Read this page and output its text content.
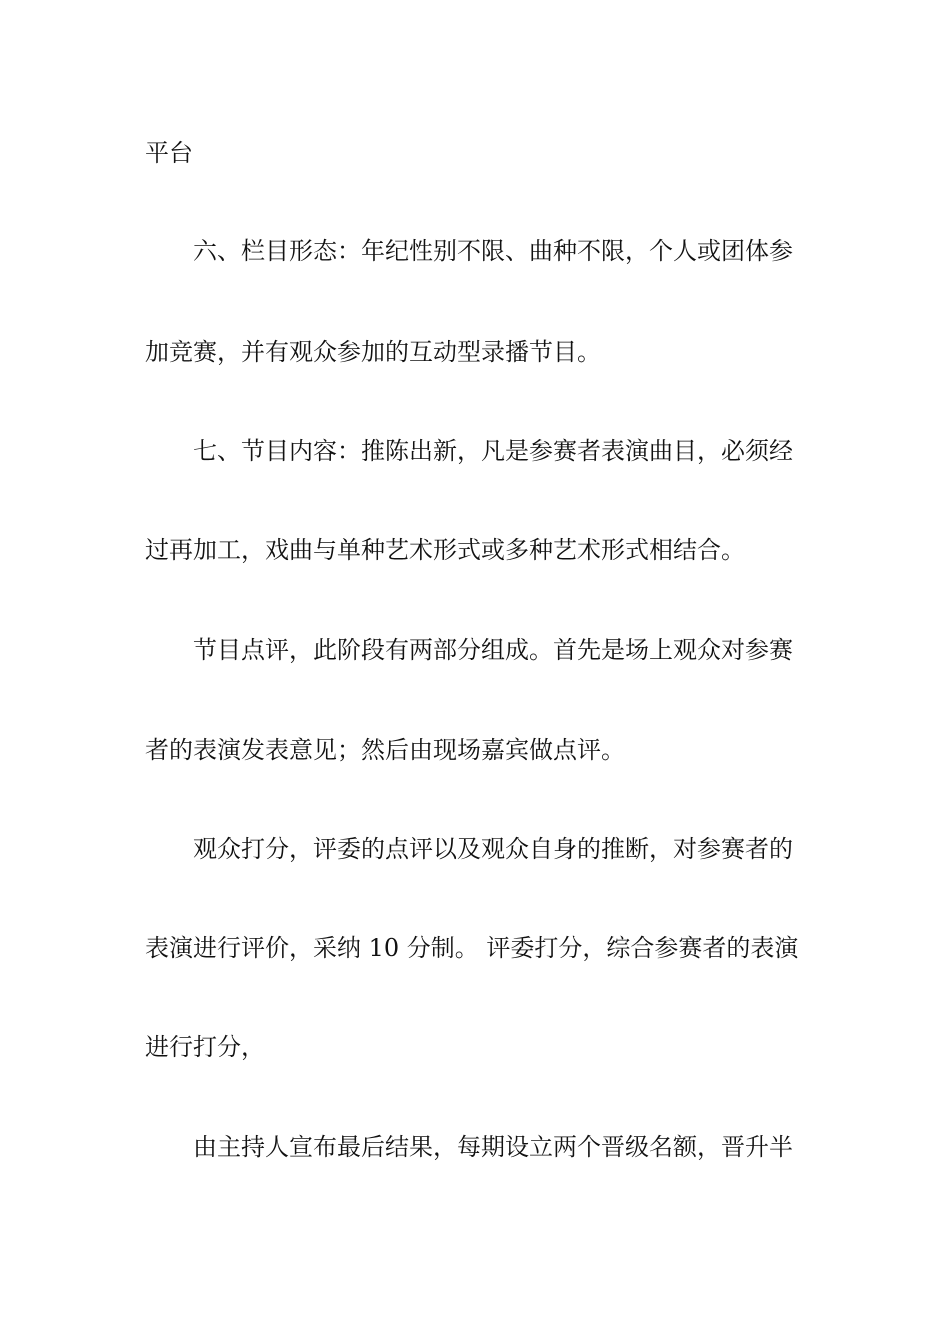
平台
六、栏目形态：年纪性别不限、曲种不限，个人或团体参
加竞赛，并有观众参加的互动型录播节目。
七、节目内容：推陈出新，凡是参赛者表演曲目，必须经
过再加工，戏曲与单种艺术形式或多种艺术形式相结合。
节目点评，此阶段有两部分组成。首先是场上观众对参赛
者的表演发表意见；然后由现场嘉宾做点评。
观众打分，评委的点评以及观众自身的推断，对参赛者的
表演进行评价，采纳 10 分制。 评委打分，综合参赛者的表演
进行打分，
由主持人宣布最后结果，每期设立两个晋级名额，晋升半
